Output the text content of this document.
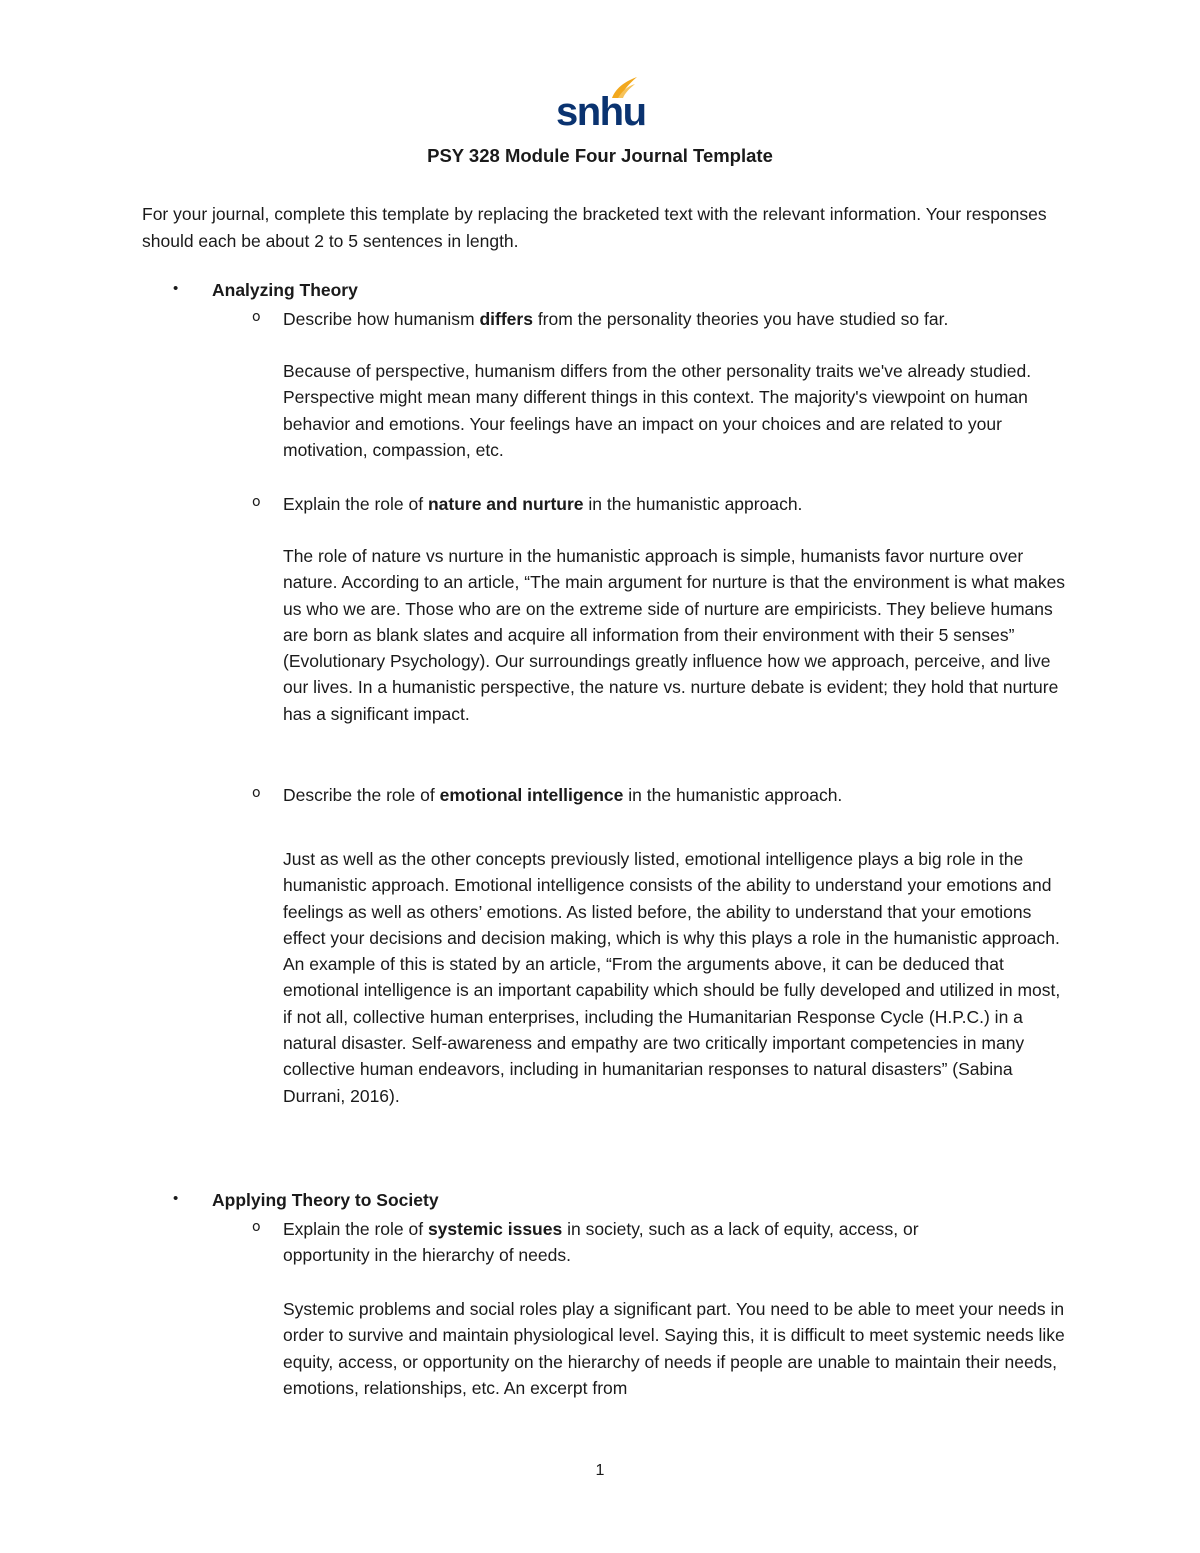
snhu
PSY 328 Module Four Journal Template

For your journal, complete this template by replacing the bracketed text with the relevant information. Your responses should each be about 2 to 5 sentences in length.

• Analyzing Theory
o Describe how humanism differs from the personality theories you have studied so far.

Because of perspective, humanism differs from the other personality traits we've already studied. Perspective might mean many different things in this context. The majority's viewpoint on human behavior and emotions. Your feelings have an impact on your choices and are related to your motivation, compassion, etc.

o Explain the role of nature and nurture in the humanistic approach.

The role of nature vs nurture in the humanistic approach is simple, humanists favor nurture over nature. According to an article, “The main argument for nurture is that the environment is what makes us who we are. Those who are on the extreme side of nurture are empiricists. They believe humans are born as blank slates and acquire all information from their environment with their 5 senses” (Evolutionary Psychology). Our surroundings greatly influence how we approach, perceive, and live our lives. In a humanistic perspective, the nature vs. nurture debate is evident; they hold that nurture has a significant impact.

o Describe the role of emotional intelligence in the humanistic approach.

Just as well as the other concepts previously listed, emotional intelligence plays a big role in the humanistic approach. Emotional intelligence consists of the ability to understand your emotions and feelings as well as others’ emotions. As listed before, the ability to understand that your emotions effect your decisions and decision making, which is why this plays a role in the humanistic approach. An example of this is stated by an article, “From the arguments above, it can be deduced that emotional intelligence is an important capability which should be fully developed and utilized in most, if not all, collective human enterprises, including the Humanitarian Response Cycle (H.P.C.) in a natural disaster. Self-awareness and empathy are two critically important competencies in many collective human endeavors, including in humanitarian responses to natural disasters” (Sabina Durrani, 2016).

• Applying Theory to Society
o Explain the role of systemic issues in society, such as a lack of equity, access, or opportunity in the hierarchy of needs.

Systemic problems and social roles play a significant part. You need to be able to meet your needs in order to survive and maintain physiological level. Saying this, it is difficult to meet systemic needs like equity, access, or opportunity on the hierarchy of needs if people are unable to maintain their needs, emotions, relationships, etc. An excerpt from

1
